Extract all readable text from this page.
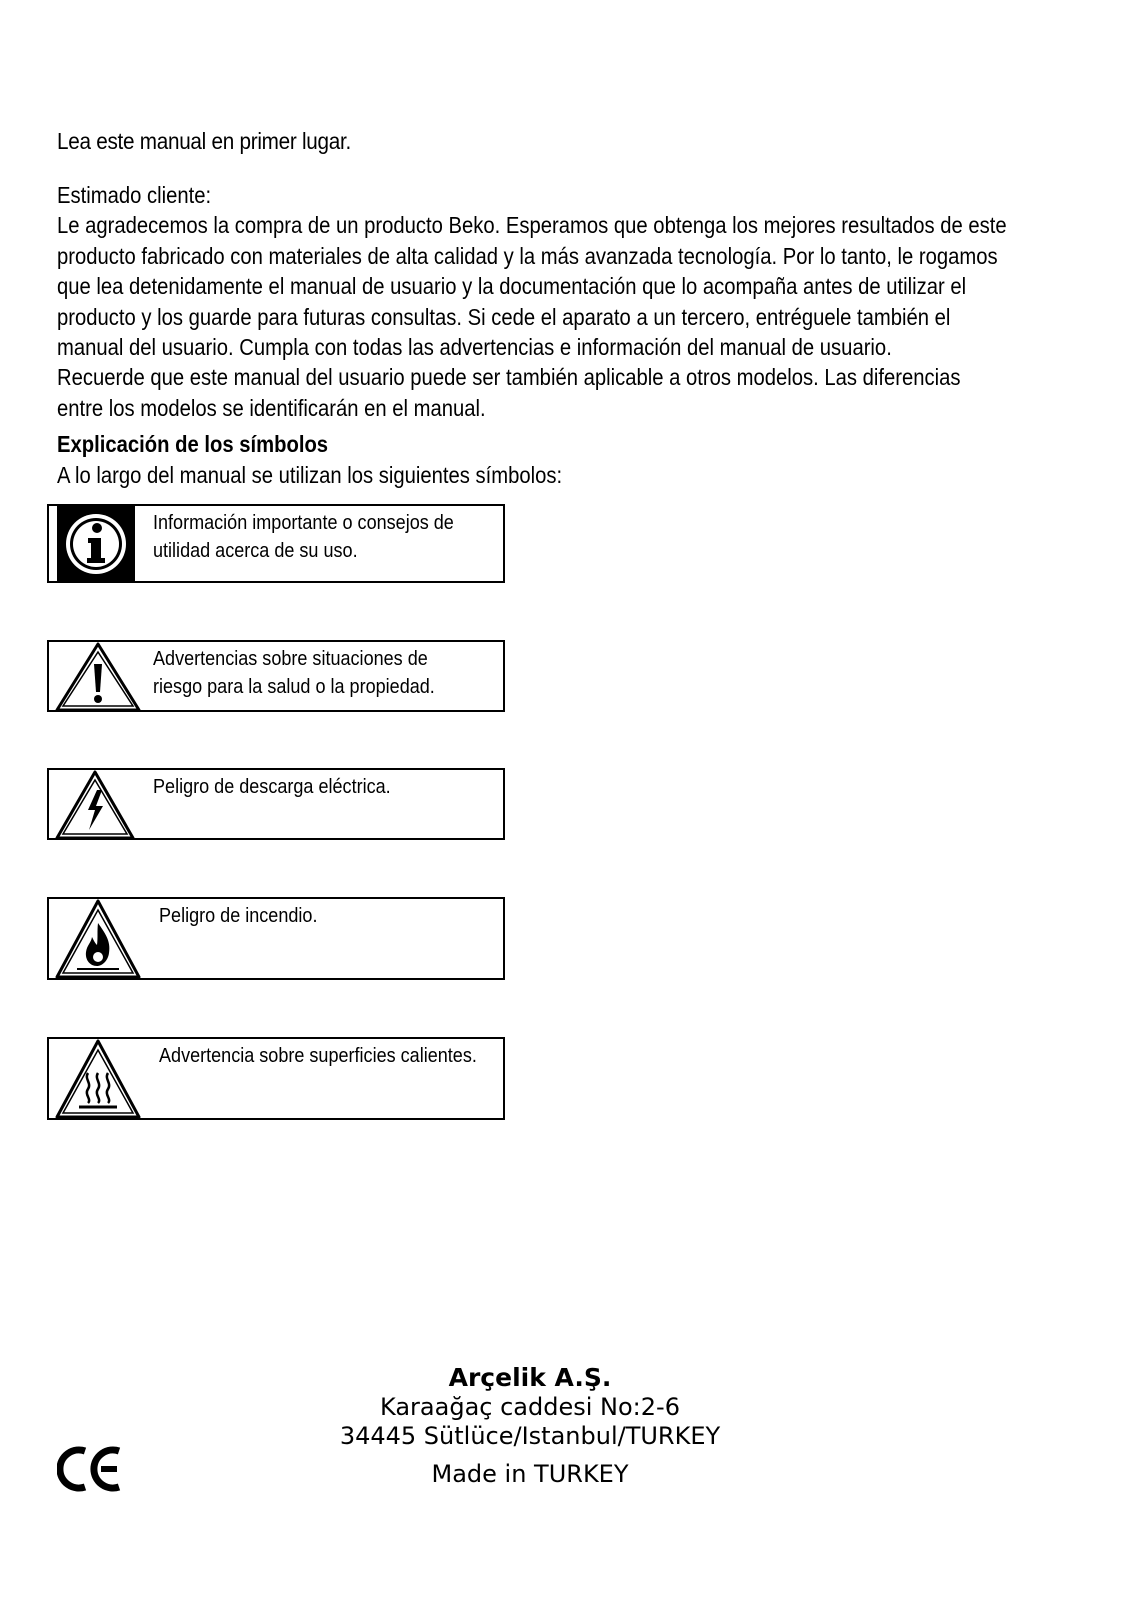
Lea este manual en primer lugar.

Estimado cliente:

Le agradecemos la compra de un producto Beko. Esperamos que obtenga los mejores resultados de este

producto fabricado con materiales de alta calidad y la más avanzada tecnología. Por lo tanto, le rogamos

que lea detenidamente el manual de usuario y la documentación que lo acompaña antes de utilizar el

producto y los guarde para futuras consultas. Si cede el aparato a un tercero, entréguele también el

manual del usuario. Cumpla con todas las advertencias e información del manual de usuario.

Recuerde que este manual del usuario puede ser también aplicable a otros modelos. Las diferencias

entre los modelos se identificarán en el manual.

Explicación de los símbolos
A lo largo del manual se utilizan los siguientes símbolos:
Información importante o consejos de
utilidad acerca de su uso.
Advertencias sobre situaciones de
riesgo para la salud o la propiedad.
Peligro de descarga eléctrica.
Peligro de incendio.
Advertencia sobre superficies calientes.
Arçelik A.Ş.
Karaağaç caddesi No:2-6
34445 Sütlüce/Istanbul/TURKEY
Made in TURKEY
